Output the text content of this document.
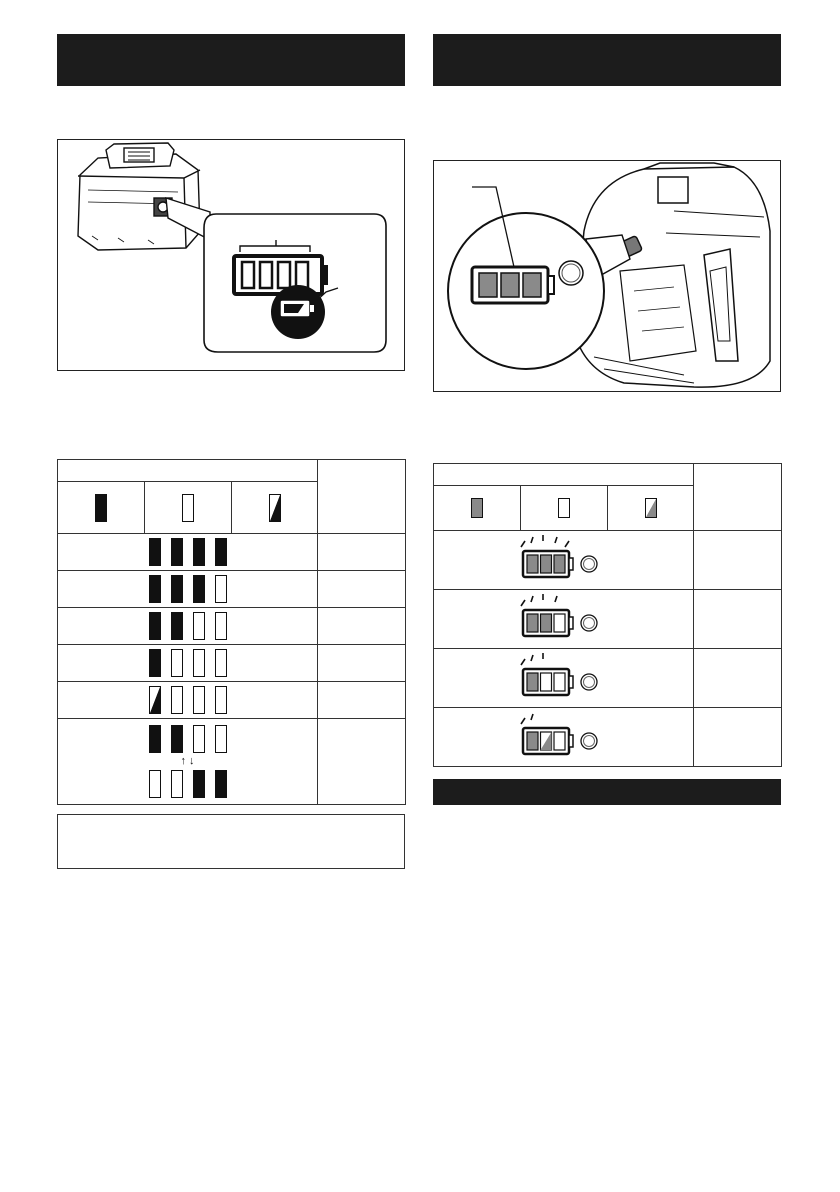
↑ ↓			
